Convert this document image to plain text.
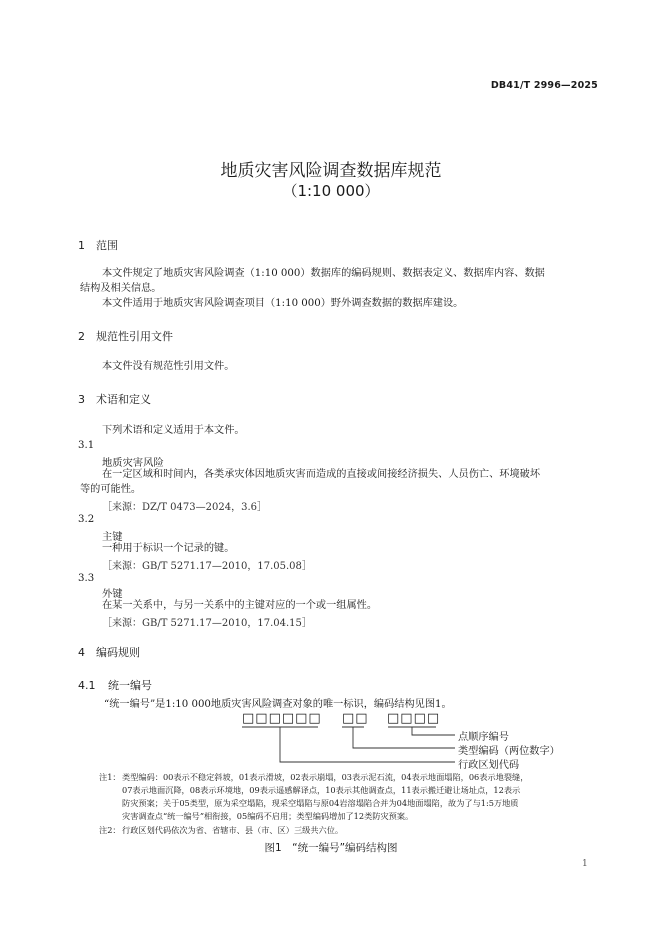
DB41/T 2996—2025
地质灾害风险调查数据库规范
（1:10 000）
1 范围
本文件规定了地质灾害风险调查（1:10 000）数据库的编码规则、数据表定义、数据库内容、数据
结构及相关信息。
本文件适用于地质灾害风险调查项目（1:10 000）野外调查数据的数据库建设。
2 规范性引用文件
本文件没有规范性引用文件。
3 术语和定义
下列术语和定义适用于本文件。
3.1
地质灾害风险
在一定区域和时间内，各类承灾体因地质灾害而造成的直接或间接经济损失、人员伤亡、环境破坏
等的可能性。
［来源：DZ/T 0473—2024，3.6］
3.2
主键
一种用于标识一个记录的键。
［来源：GB/T 5271.17—2010，17.05.08］
3.3
外键
在某一关系中，与另一关系中的主键对应的一个或一组属性。
［来源：GB/T 5271.17—2010，17.04.15］
4 编码规则
4.1 统一编号
“统一编号”是1:10 000地质灾害风险调查对象的唯一标识，编码结构见图1。
□□□□□□ □□ □□□□
点顺序编号
类型编码（两位数字）
行政区划代码
注1： 类型编码：00表示不稳定斜坡，01表示滑坡，02表示崩塌，03表示泥石流，04表示地面塌陷，06表示地裂缝，
07表示地面沉降，08表示环境地，09表示遥感解译点，10表示其他调查点，11表示搬迁避让场址点，12表示
防灾预案；关于05类型，原为采空塌陷，现采空塌陷与原04岩溶塌陷合并为04地面塌陷，故为了与1:5万地质
灾害调查点“统一编号”相衔接，05编码不启用；类型编码增加了12类防灾预案。
注2： 行政区划代码依次为省、省辖市、县（市、区）三级共六位。
图1　“统一编号”编码结构图
1
